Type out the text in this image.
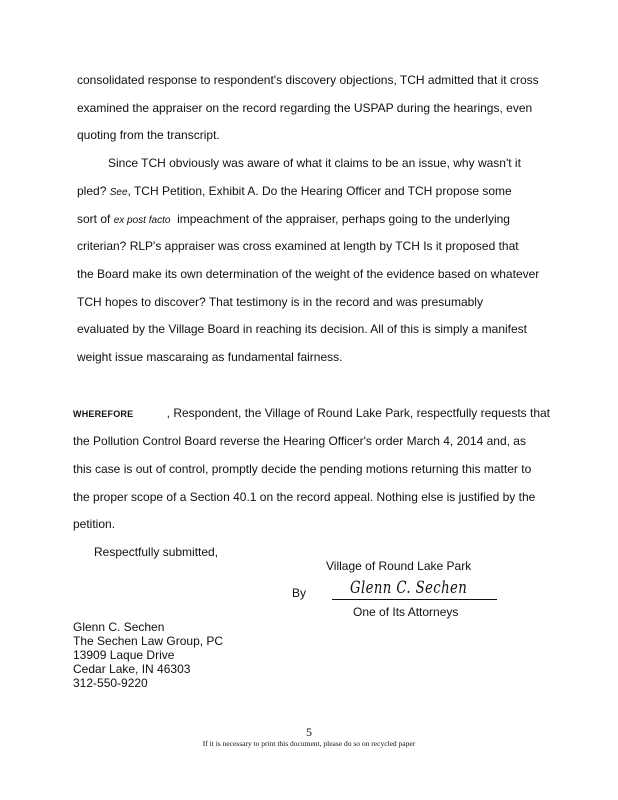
consolidated response to respondent's discovery objections, TCH admitted that it cross
examined the appraiser on the record regarding the USPAP during the hearings, even
quoting from the transcript.
Since TCH obviously was aware of what it claims to be an issue, why wasn't it
pled? See, TCH Petition, Exhibit A. Do the Hearing Officer and TCH propose some
sort of ex post facto impeachment of the appraiser, perhaps going to the underlying
criterian? RLP's appraiser was cross examined at length by TCH Is it proposed that
the Board make its own determination of the weight of the evidence based on whatever
TCH hopes to discover? That testimony is in the record and was presumably
evaluated by the Village Board in reaching its decision. All of this is simply a manifest
weight issue mascaraing as fundamental fairness.
WHEREFORE	, Respondent, the Village of Round Lake Park, respectfully requests that
the Pollution Control Board reverse the Hearing Officer's order March 4, 2014 and, as
this case is out of control, promptly decide the pending motions returning this matter to
the proper scope of a Section 40.1 on the record appeal. Nothing else is justified by the
petition.
Respectfully submitted,
Village of Round Lake Park
By	Glenn C. Sechen
One of Its Attorneys
Glenn C. Sechen
The Sechen Law Group, PC
13909 Laque Drive
Cedar Lake, IN 46303
312-550-9220
5
If it is necessary to print this document, please do so on recycled paper
